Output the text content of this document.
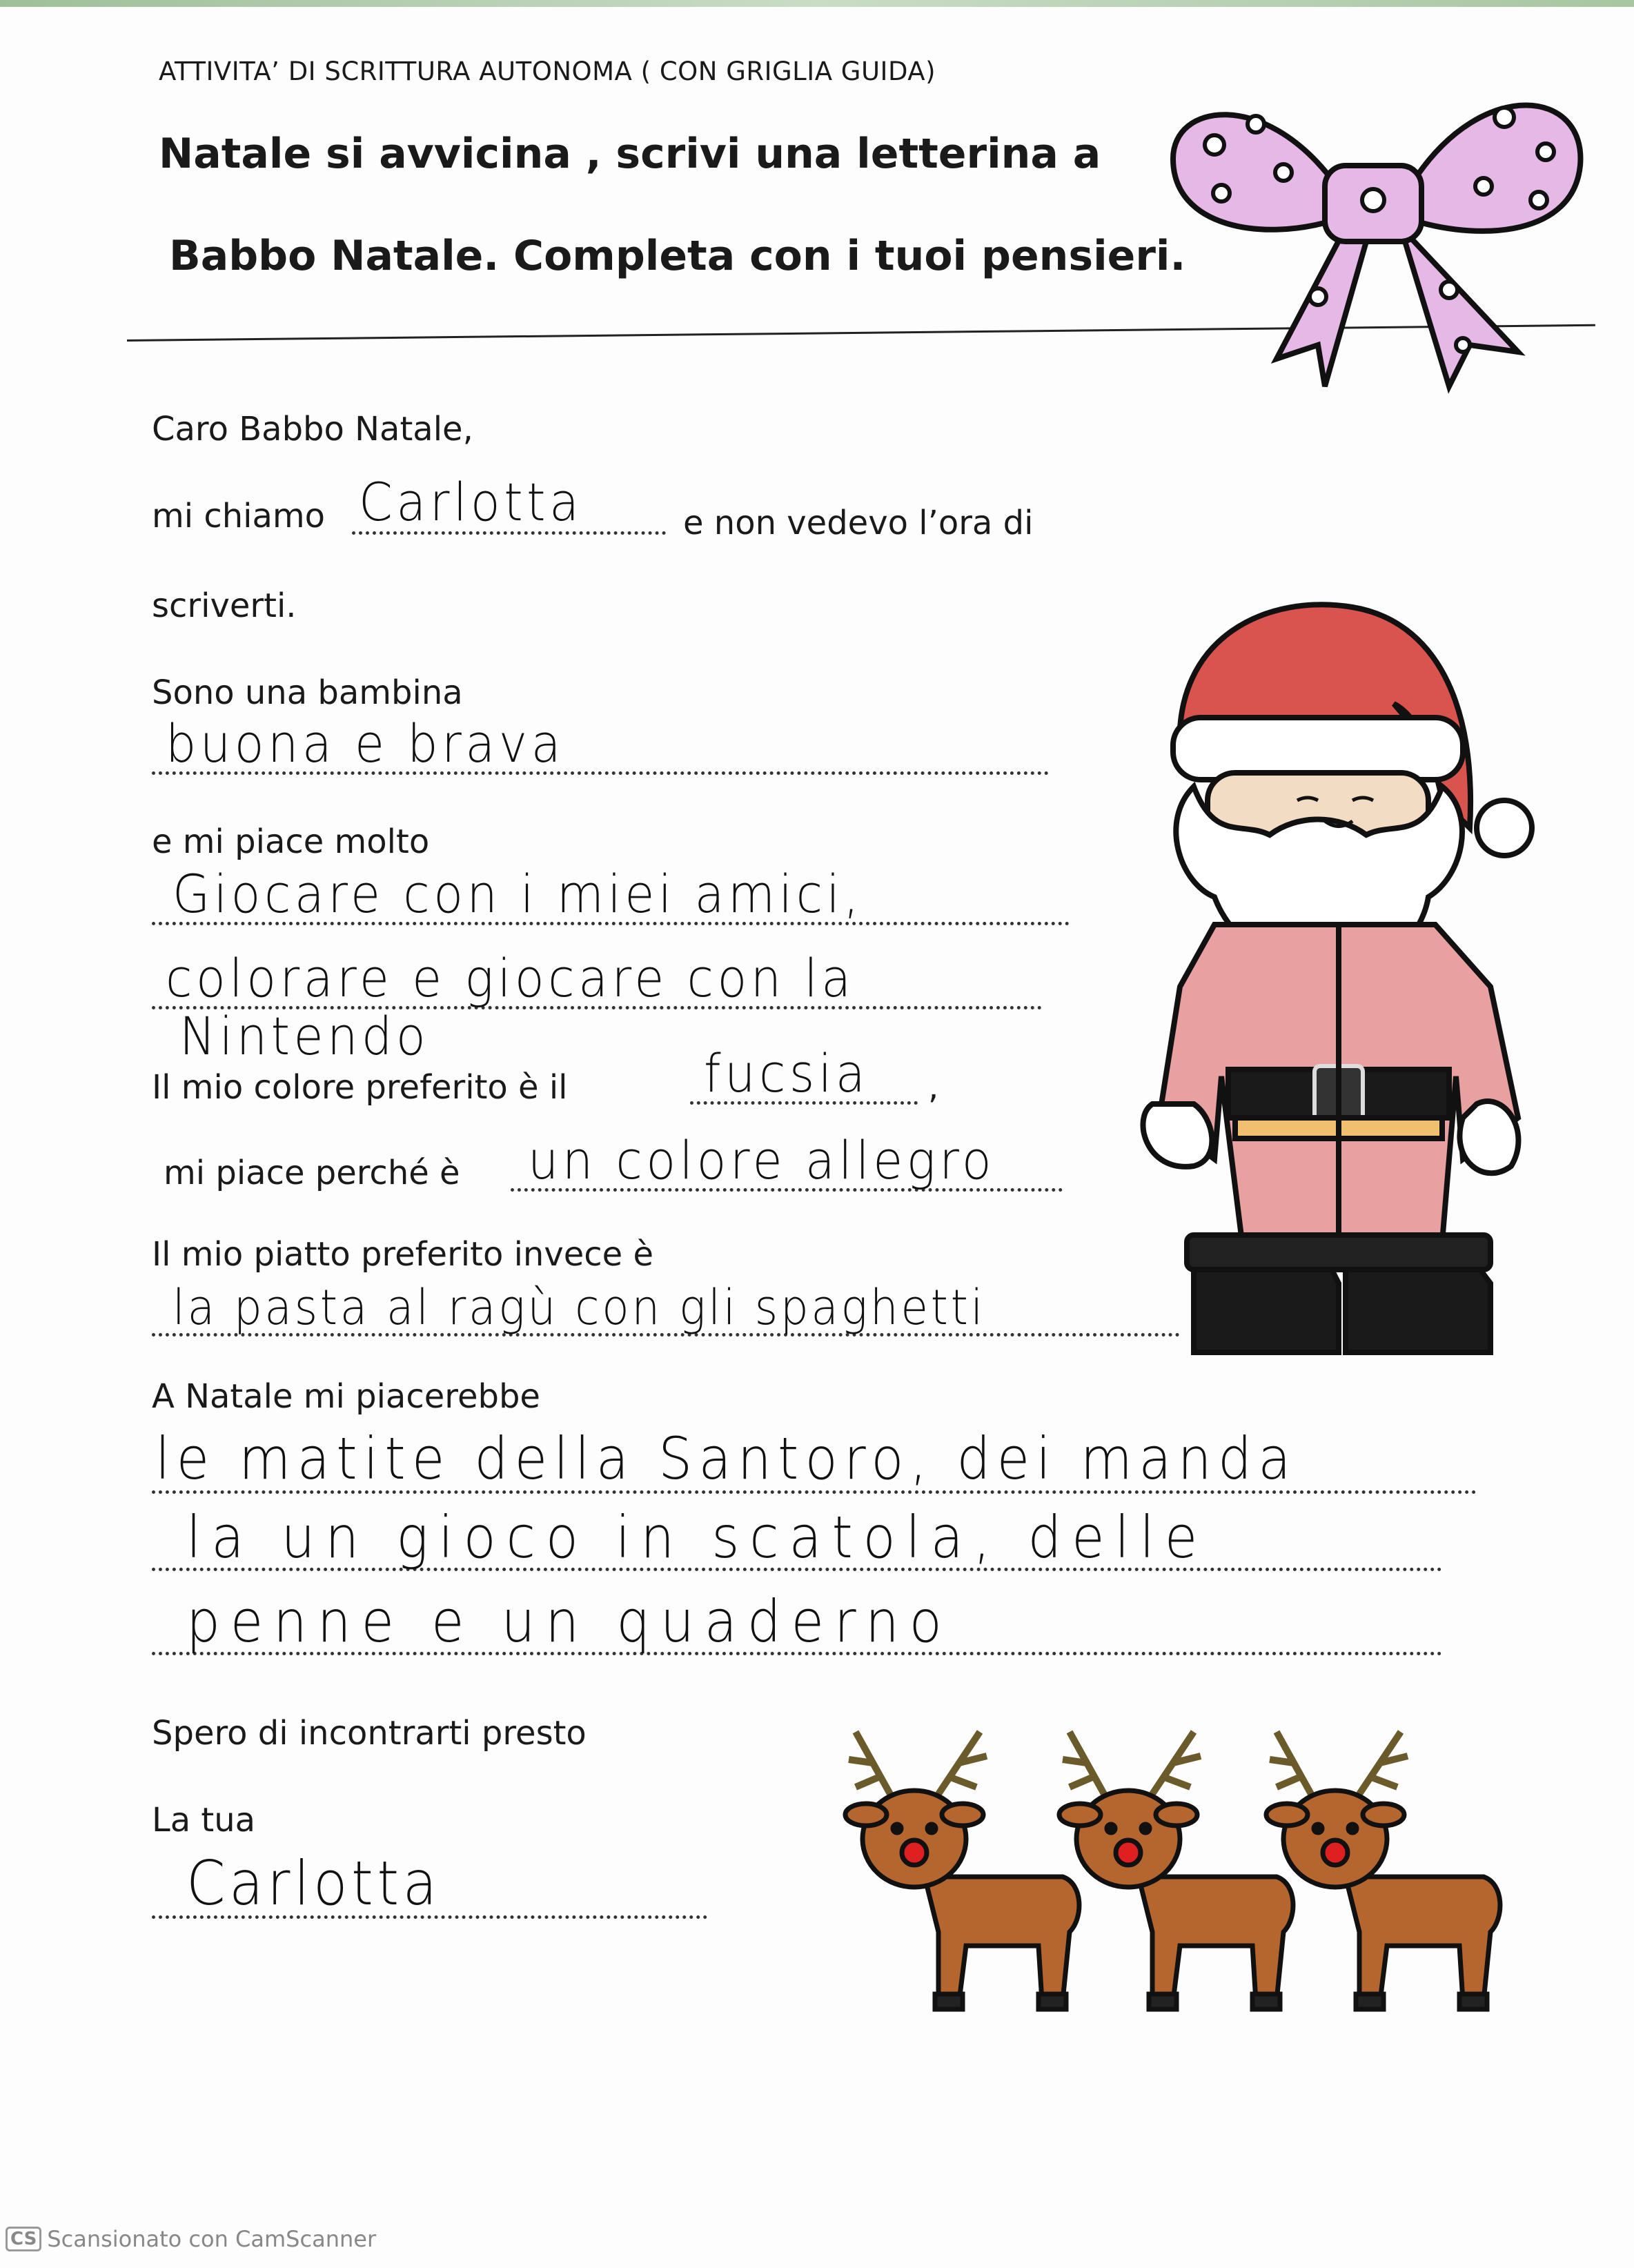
ATTIVITA’ DI SCRITTURA AUTONOMA ( CON GRIGLIA GUIDA)
Natale si avvicina , scrivi una letterina a
Babbo Natale. Completa con i tuoi pensieri.
Caro Babbo Natale,
mi chiamo Carlotta	e non vedevo l’ora di
scriverti.
Sono una bambina
buona e brava
e mi piace molto
Giocare con i miei amici,
colorare e giocare con la
Nintendo
Il mio colore preferito è il	fucsia ,
mi piace perché è un colore allegro
Il mio piatto preferito invece è
la pasta al ragù con gli spaghetti
A Natale mi piacerebbe
le matite della Santoro, dei manda
la un gioco in scatola, delle
penne e un quaderno
Spero di incontrarti presto
La tua
Carlotta
CS Scansionato con CamScanner
